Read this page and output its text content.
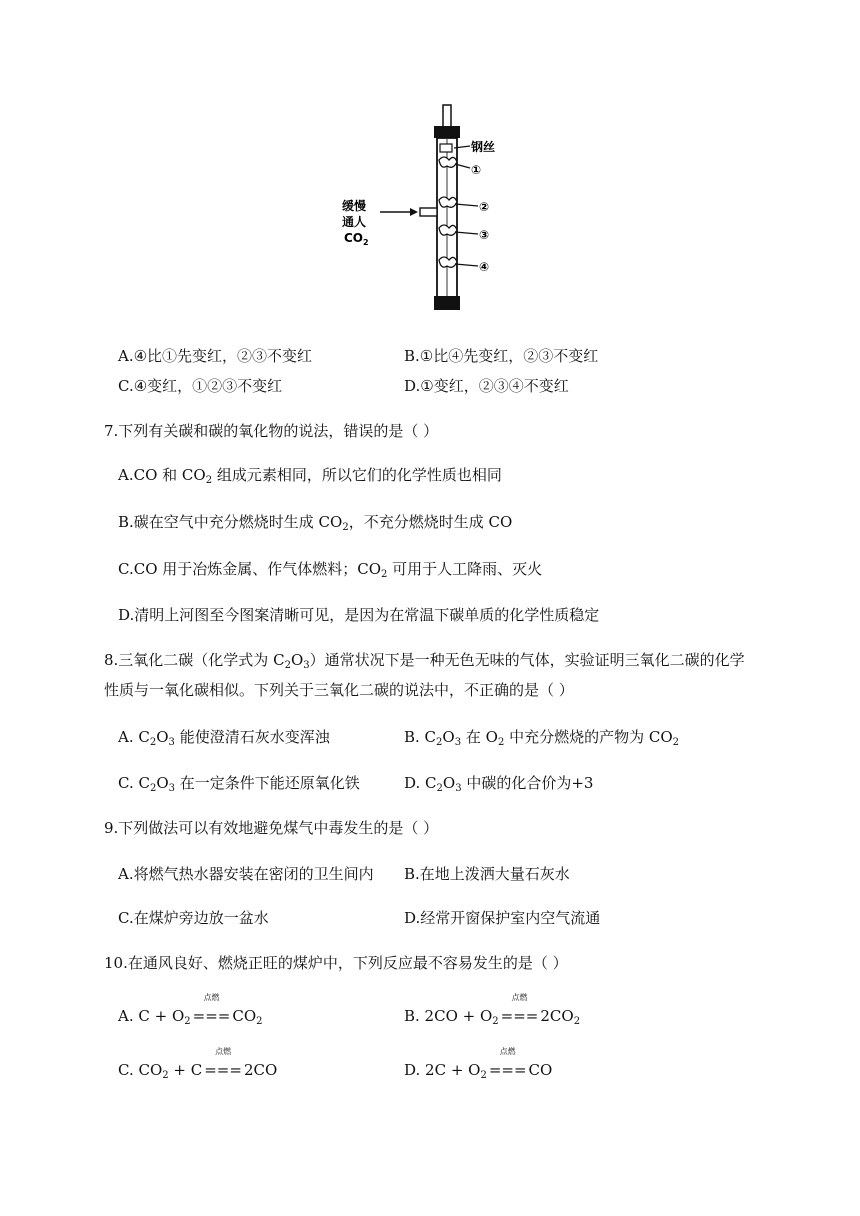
钢丝
①
②
③
④
缓慢
通人
$CO_2$
A.④比①先变红，②③不变红	B.①比④先变红，②③不变红
C.④变红，①②③不变红	D.①变红，②③④不变红
7.下列有关碳和碳的氧化物的说法，错误的是（ ）
A.CO 和 $CO_2$ 组成元素相同，所以它们的化学性质也相同
B.碳在空气中充分燃烧时生成 $CO_2$，不充分燃烧时生成 CO
C.CO 用于冶炼金属、作气体燃料；$CO_2$ 可用于人工降雨、灭火
D.清明上河图至今图案清晰可见，是因为在常温下碳单质的化学性质稳定
8.三氧化二碳（化学式为 $C_2O_3$）通常状况下是一种无色无味的气体，实验证明三氧化二碳的化学
性质与一氧化碳相似。下列关于三氧化二碳的说法中，不正确的是（ ）
A. $C_2O_3$ 能使澄清石灰水变浑浊	B. $C_2O_3$ 在 $O_2$ 中充分燃烧的产物为 $CO_2$
C. $C_2O_3$ 在一定条件下能还原氧化铁	D. $C_2O_3$ 中碳的化合价为+3
9.下列做法可以有效地避免煤气中毒发生的是（ ）
A.将燃气热水器安装在密闭的卫生间内 B.在地上泼洒大量石灰水
C.在煤炉旁边放一盆水	D.经常开窗保护室内空气流通
10.在通风良好、燃烧正旺的煤炉中，下列反应最不容易发生的是（ ）
A. $C + O_2$
点燃
=== $CO_2$	B. $2CO + O_2$
点燃
=== $2CO_2$
C. $CO_2 + C$
点燃
=== 2CO	D. $2C + O_2$
点燃
=== CO
